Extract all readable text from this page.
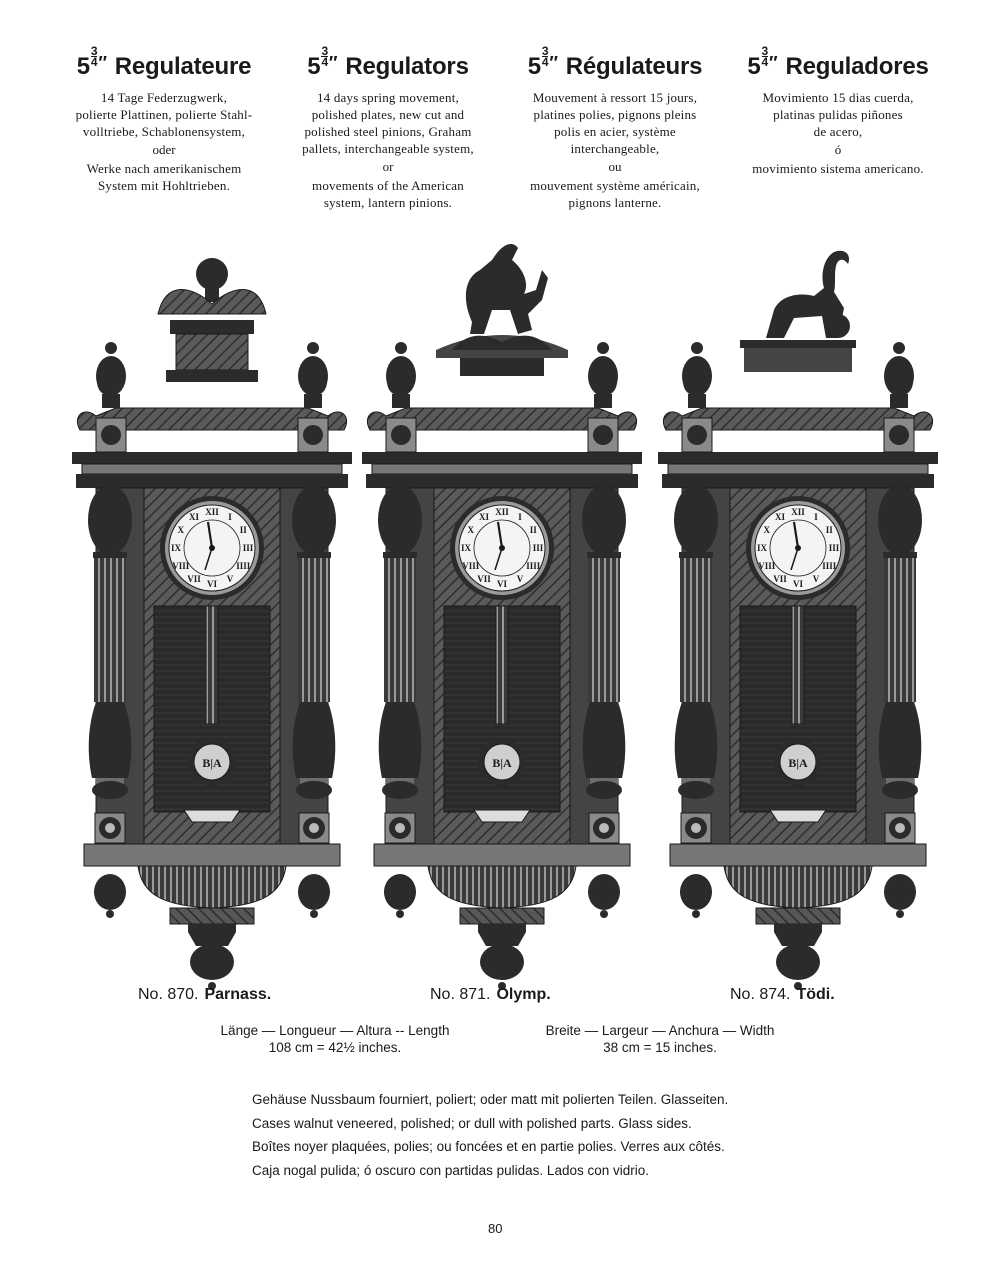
$5 \frac{3}{4} ''$ Regulateure
14 Tage Federzugwerk,
polierte Plattinen, polierte Stahl-
volltriebe, Schablonensystem,
oder
Werke nach amerikanischem
System mit Hohltrieben.
$5 \frac{3}{4} ''$ Regulators
14 days spring movement,
polished plates, new cut and
polished steel pinions, Graham
pallets, interchangeable system,
or
movements of the American
system, lantern pinions.
$5 \frac{3}{4} ''$ Régulateurs
Mouvement à ressort 15 jours,
platines polies, pignons pleins
polis en acier, système
interchangeable,
ou
mouvement système américain,
pignons lanterne.
$5 \frac{3}{4} ''$ Reguladores
Movimiento 15 dias cuerda,
platinas pulidas piñones
de acero,
ó
movimiento sistema americano.
XII I
II
III
IIII
V
VI
VII
VIII
IX
X
XI
B|A
XII I
II
III
IIII
V
VI
VII
VIII
IX
X
XI
B|A
XII I
II
III
IIII
V
VI
VII
VIII
IX
X
XI
B|A
No. 870. Parnass.	No. 871. Olymp.	No. 874. Tödi.
Länge — Longueur — Altura -- Length
108 cm = 42½ inches.
Breite — Largeur — Anchura — Width
38 cm = 15 inches.
Gehäuse Nussbaum fourniert, poliert; oder matt mit polierten Teilen. Glasseiten.
Cases walnut veneered, polished; or dull with polished parts. Glass sides.
Boîtes noyer plaquées, polies; ou foncées et en partie polies. Verres aux côtés.
Caja nogal pulida; ó oscuro con partidas pulidas. Lados con vidrio.
80
